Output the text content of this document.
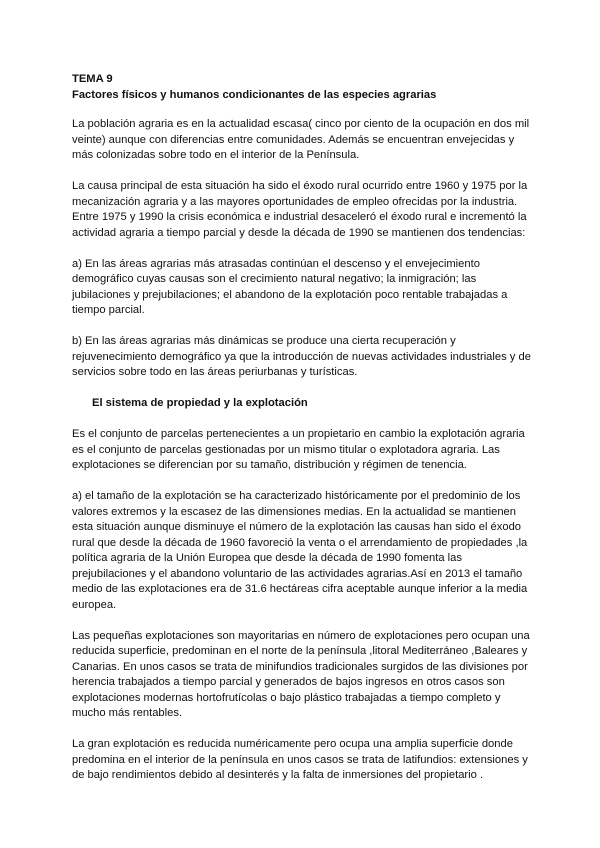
TEMA 9

Factores físicos y humanos condicionantes de las especies agrarias

La población agraria es en la actualidad escasa( cinco por ciento de la ocupación en dos mil veinte) aunque con diferencias entre comunidades. Además se encuentran envejecidas y más colonizadas sobre todo en el interior de la Península.

La causa principal de esta situación ha sido el éxodo rural ocurrido entre 1960 y 1975 por la mecanización agraria y a las mayores oportunidades de empleo ofrecidas por la industria. Entre 1975 y 1990 la crisis económica e industrial desaceleró el éxodo rural e incrementó la actividad agraria a tiempo parcial y desde la década de 1990 se mantienen dos tendencias:

a) En las áreas agrarias más atrasadas continúan el descenso y el envejecimiento demográfico cuyas causas son el crecimiento natural negativo; la inmigración; las jubilaciones y prejubilaciones; el abandono de la explotación poco rentable trabajadas a tiempo parcial.

b) En las áreas agrarias más dinámicas se produce una cierta recuperación y rejuvenecimiento demográfico ya que la introducción de nuevas actividades industriales y de servicios sobre todo en las áreas periurbanas y turísticas.

El sistema de propiedad y la explotación

Es el conjunto de parcelas pertenecientes a un propietario en cambio la explotación agraria es el conjunto de parcelas gestionadas por un mismo titular o explotadora agraria. Las explotaciones se diferencian por su tamaño, distribución y régimen de tenencia.

a) el tamaño de la explotación se ha caracterizado históricamente por el predominio de los valores extremos y la escasez de las dimensiones medias. En la actualidad se mantienen esta situación aunque disminuye el número de la explotación las causas han sido el éxodo rural que desde la década de 1960 favoreció la venta o el arrendamiento de propiedades ,la política agraria de la Unión Europea que desde la década de 1990 fomenta las prejubilaciones y el abandono voluntario de las actividades agrarias.Así en 2013 el tamaño medio de las explotaciones era de 31.6 hectáreas cifra aceptable aunque inferior a la media europea.

Las pequeñas explotaciones son mayoritarias en número de explotaciones pero ocupan una reducida superficie, predominan en el norte de la península ,litoral Mediterráneo ,Baleares y Canarias. En unos casos se trata de minifundios tradicionales surgidos de las divisiones por herencia trabajados a tiempo parcial y generados de bajos ingresos en otros casos son explotaciones modernas hortofrutícolas o bajo plástico trabajadas a tiempo completo y mucho más rentables.

La gran explotación es reducida numéricamente pero ocupa una amplia superficie donde predomina en el interior de la península en unos casos se trata de latifundios: extensiones y de bajo rendimientos debido al desinterés y la falta de inmersiones del propietario .
